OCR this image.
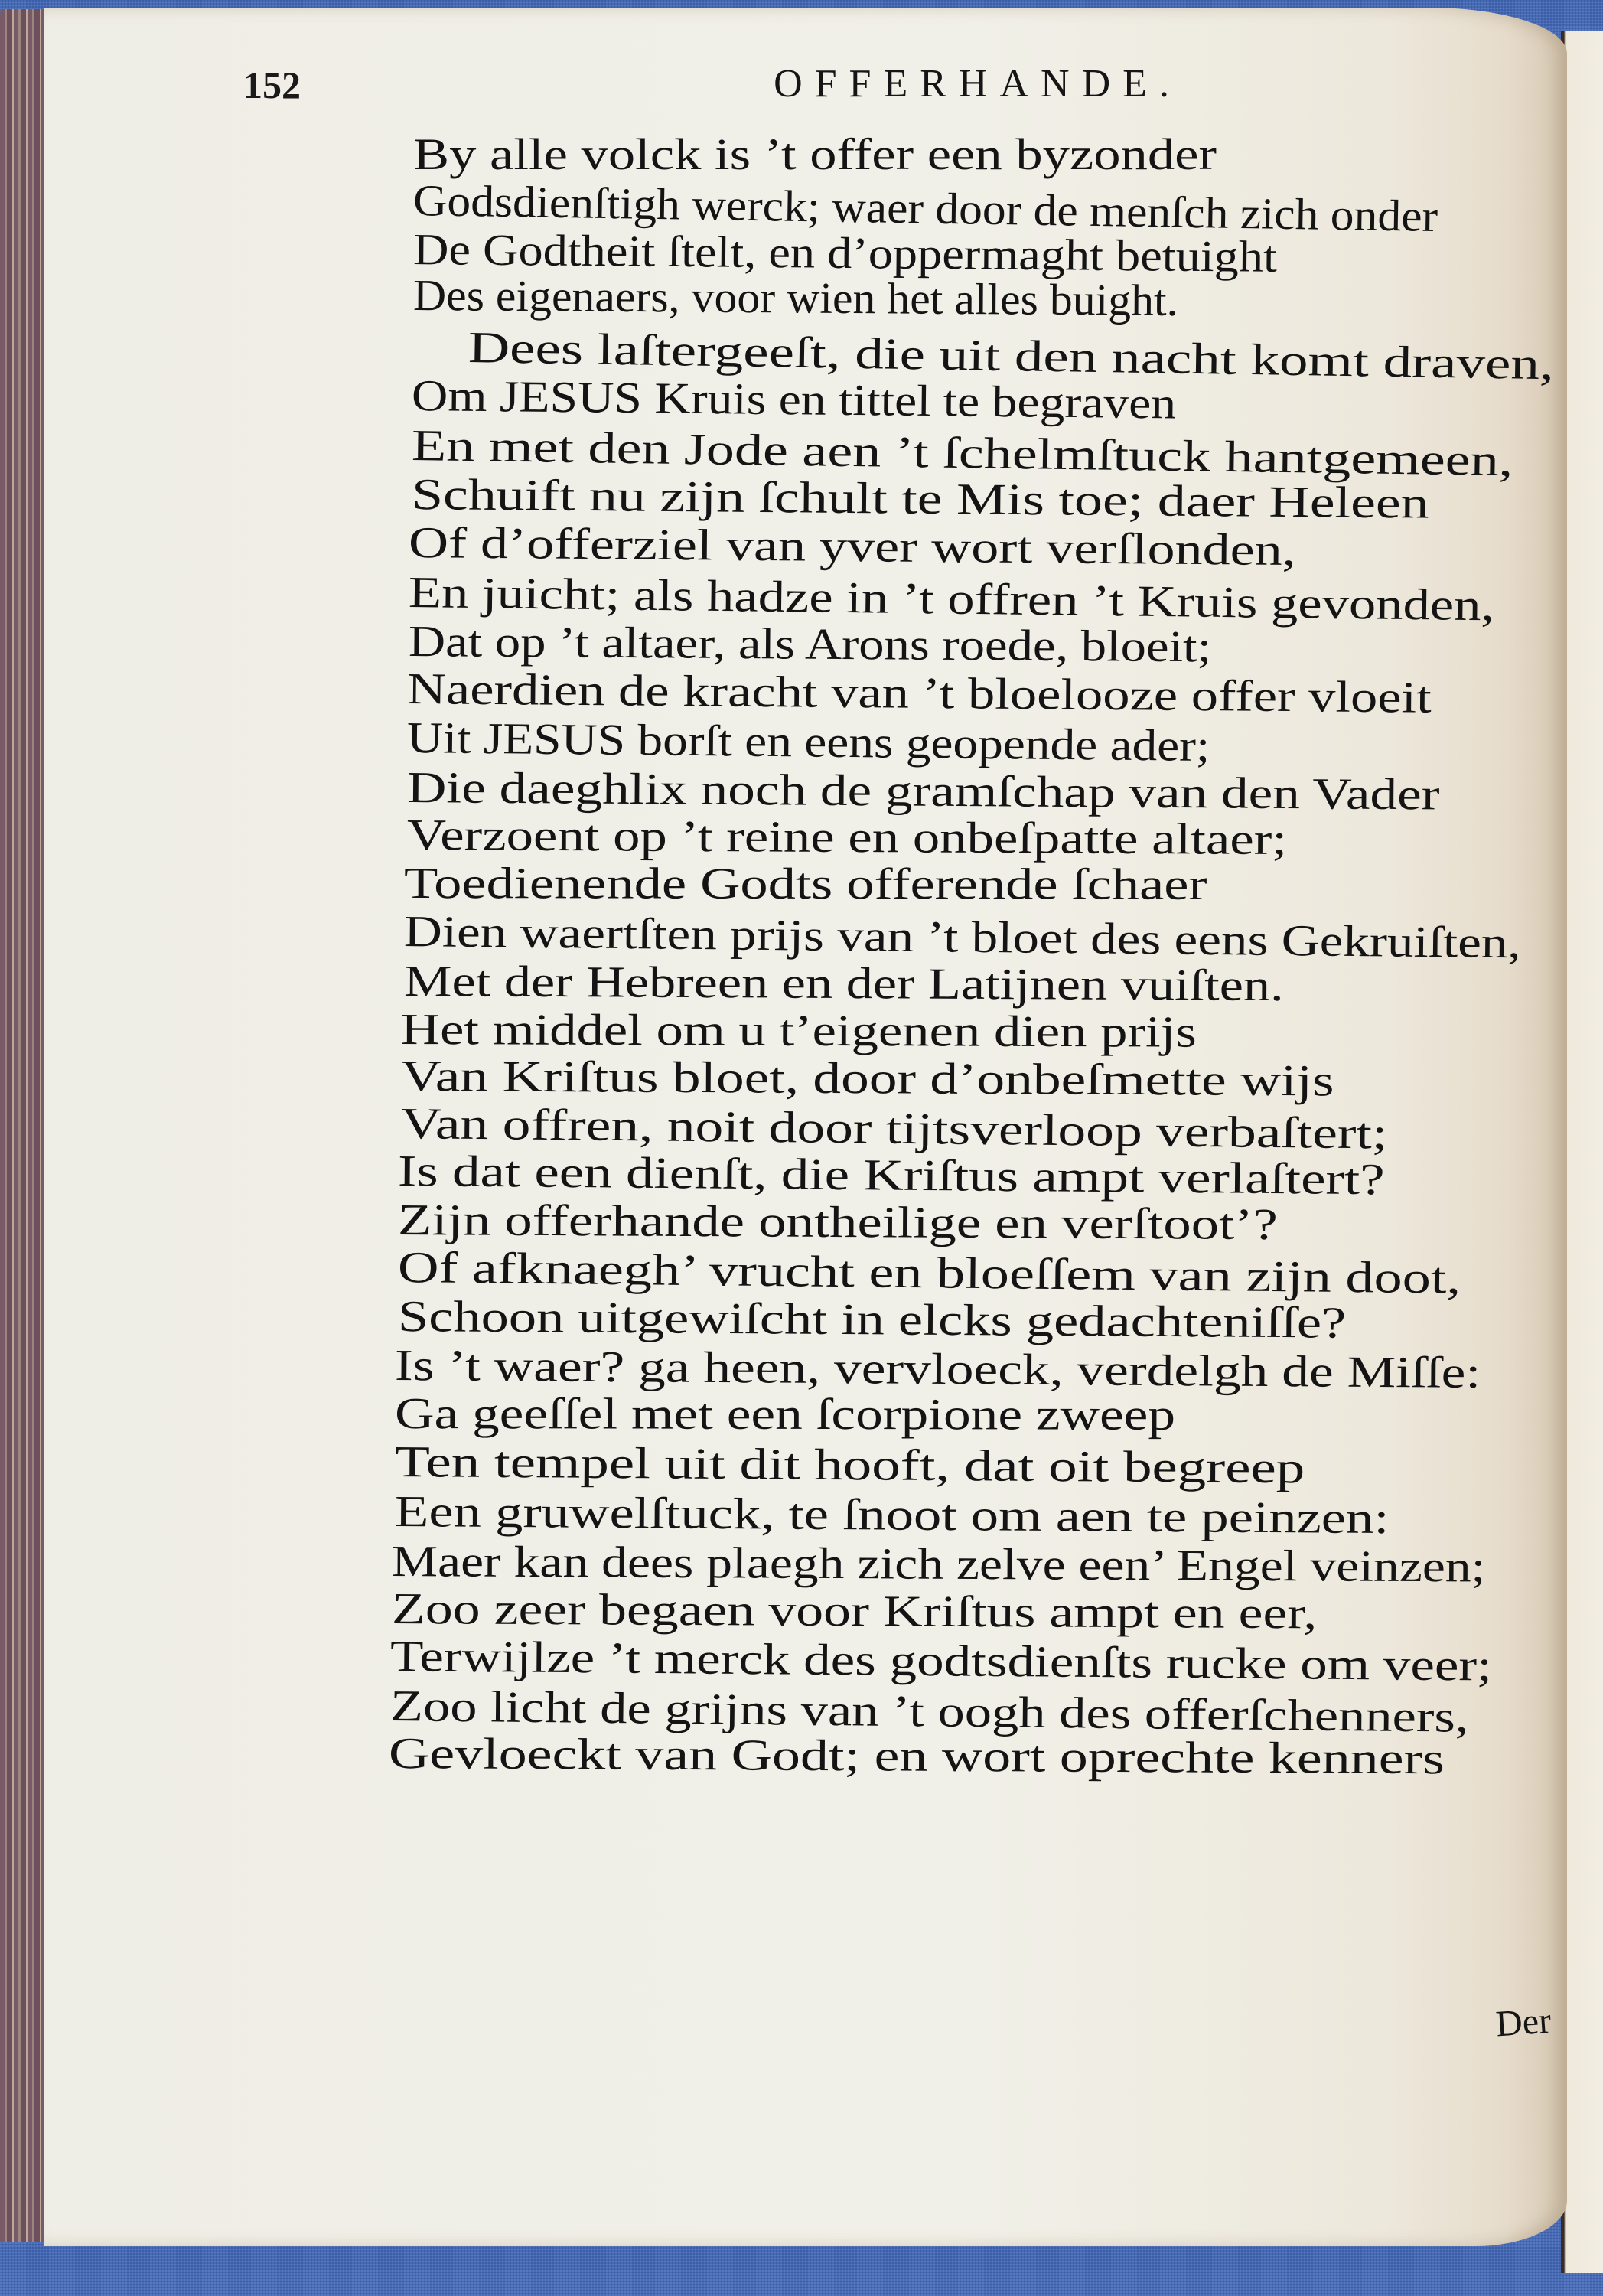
152	OFFERHANDE.
By alle volck is ’t offer een byzonder
Godsdienſtigh werck; waer door de menſch zich onder
De Godtheit ſtelt, en d’oppermaght betuight
Des eigenaers, voor wien het alles buight.
Dees laſtergeeſt, die uit den nacht komt draven,
Om JESUS Kruis en tittel te begraven
En met den Jode aen ’t ſchelmſtuck hantgemeen,
Schuift nu zijn ſchult te Mis toe; daer Heleen
Of d’offerziel van yver wort verſlonden,
En juicht; als hadze in ’t offren ’t Kruis gevonden,
Dat op ’t altaer, als Arons roede, bloeit;
Naerdien de kracht van ’t bloelooze offer vloeit
Uit JESUS borſt en eens geopende ader;
Die daeghlix noch de gramſchap van den Vader
Verzoent op ’t reine en onbeſpatte altaer;
Toedienende Godts offerende ſchaer
Dien waertſten prijs van ’t bloet des eens Gekruiſten,
Met der Hebreen en der Latijnen vuiſten.
Het middel om u t’eigenen dien prijs
Van Kriſtus bloet, door d’onbeſmette wijs
Van offren, noit door tijtsverloop verbaſtert;
Is dat een dienſt, die Kriſtus ampt verlaſtert?
Zijn offerhande ontheilige en verſtoot’?
Of afknaegh’ vrucht en bloeſſem van zijn doot,
Schoon uitgewiſcht in elcks gedachteniſſe?
Is ’t waer? ga heen, vervloeck, verdelgh de Miſſe:
Ga geeſſel met een ſcorpione zweep
Ten tempel uit dit hooft, dat oit begreep
Een gruwelſtuck, te ſnoot om aen te peinzen:
Maer kan dees plaegh zich zelve een’ Engel veinzen;
Zoo zeer begaen voor Kriſtus ampt en eer,
Terwijlze ’t merck des godtsdienſts rucke om veer;
Zoo licht de grijns van ’t oogh des offerſchenners,
Gevloeckt van Godt; en wort oprechte kenners
Der
